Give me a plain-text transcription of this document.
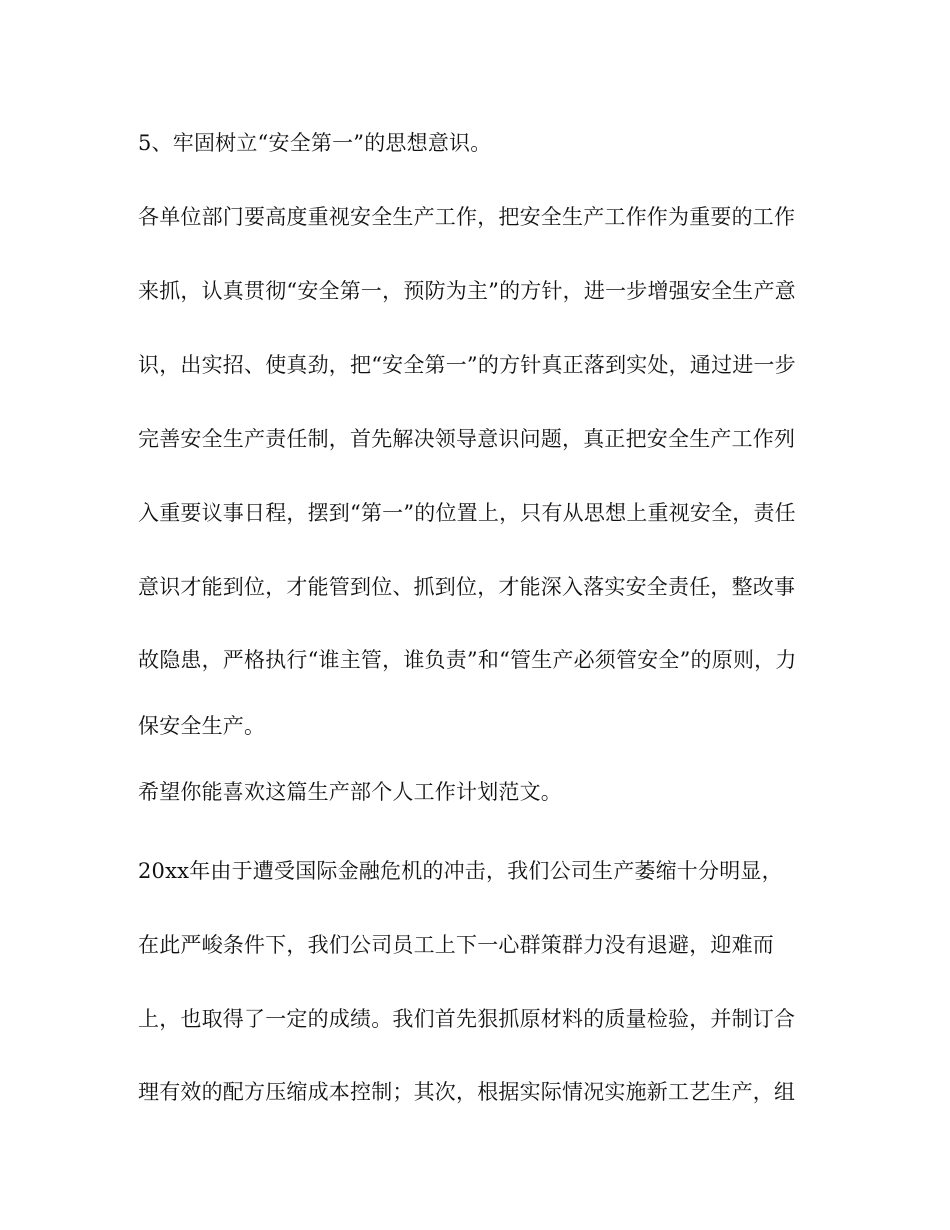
5、牢固树立“安全第一”的思想意识。
各单位部门要高度重视安全生产工作，把安全生产工作作为重要的工作
来抓，认真贯彻“安全第一，预防为主”的方针，进一步增强安全生产意
识，出实招、使真劲，把“安全第一”的方针真正落到实处，通过进一步
完善安全生产责任制，首先解决领导意识问题，真正把安全生产工作列
入重要议事日程，摆到“第一”的位置上，只有从思想上重视安全，责任
意识才能到位，才能管到位、抓到位，才能深入落实安全责任，整改事
故隐患，严格执行“谁主管，谁负责”和“管生产必须管安全”的原则，力
保安全生产。
希望你能喜欢这篇生产部个人工作计划范文。
20xx年由于遭受国际金融危机的冲击，我们公司生产萎缩十分明显，
在此严峻条件下，我们公司员工上下一心群策群力没有退避，迎难而
上，也取得了一定的成绩。我们首先狠抓原材料的质量检验，并制订合
理有效的配方压缩成本控制；其次，根据实际情况实施新工艺生产，组
